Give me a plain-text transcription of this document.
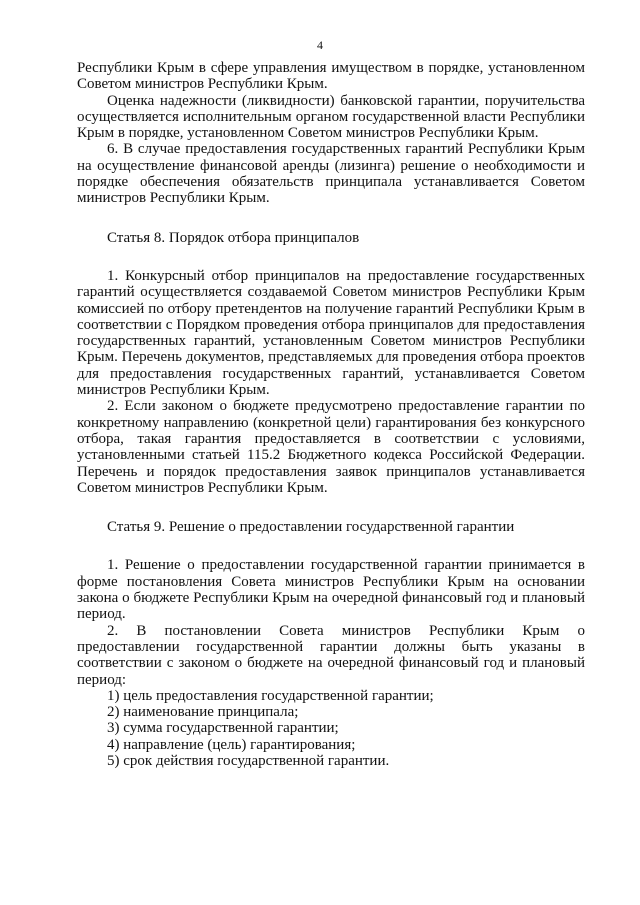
4

Республики Крым в сфере управления имуществом в порядке, установленном Советом министров Республики Крым.

Оценка надежности (ликвидности) банковской гарантии, поручительства осуществляется исполнительным органом государственной власти Республики Крым в порядке, установленном Советом министров Республики Крым.

6. В случае предоставления государственных гарантий Республики Крым на осуществление финансовой аренды (лизинга) решение о необходимости и порядке обеспечения обязательств принципала устанавливается Советом министров Республики Крым.

Статья 8. Порядок отбора принципалов

1. Конкурсный отбор принципалов на предоставление государственных гарантий осуществляется создаваемой Советом министров Республики Крым комиссией по отбору претендентов на получение гарантий Республики Крым в соответствии с Порядком проведения отбора принципалов для предоставления государственных гарантий, установленным Советом министров Республики Крым. Перечень документов, представляемых для проведения отбора проектов для предоставления государственных гарантий, устанавливается Советом министров Республики Крым.

2. Если законом о бюджете предусмотрено предоставление гарантии по конкретному направлению (конкретной цели) гарантирования без конкурсного отбора, такая гарантия предоставляется в соответствии с условиями, установленными статьей 115.2 Бюджетного кодекса Российской Федерации. Перечень и порядок предоставления заявок принципалов устанавливается Советом министров Республики Крым.

Статья 9. Решение о предоставлении государственной гарантии

1. Решение о предоставлении государственной гарантии принимается в форме постановления Совета министров Республики Крым на основании закона о бюджете Республики Крым на очередной финансовый год и плановый период.

2. В постановлении Совета министров Республики Крым о предоставлении государственной гарантии должны быть указаны в соответствии с законом о бюджете на очередной финансовый год и плановый период:

1) цель предоставления государственной гарантии;

2) наименование принципала;

3) сумма государственной гарантии;

4) направление (цель) гарантирования;

5) срок действия государственной гарантии.
